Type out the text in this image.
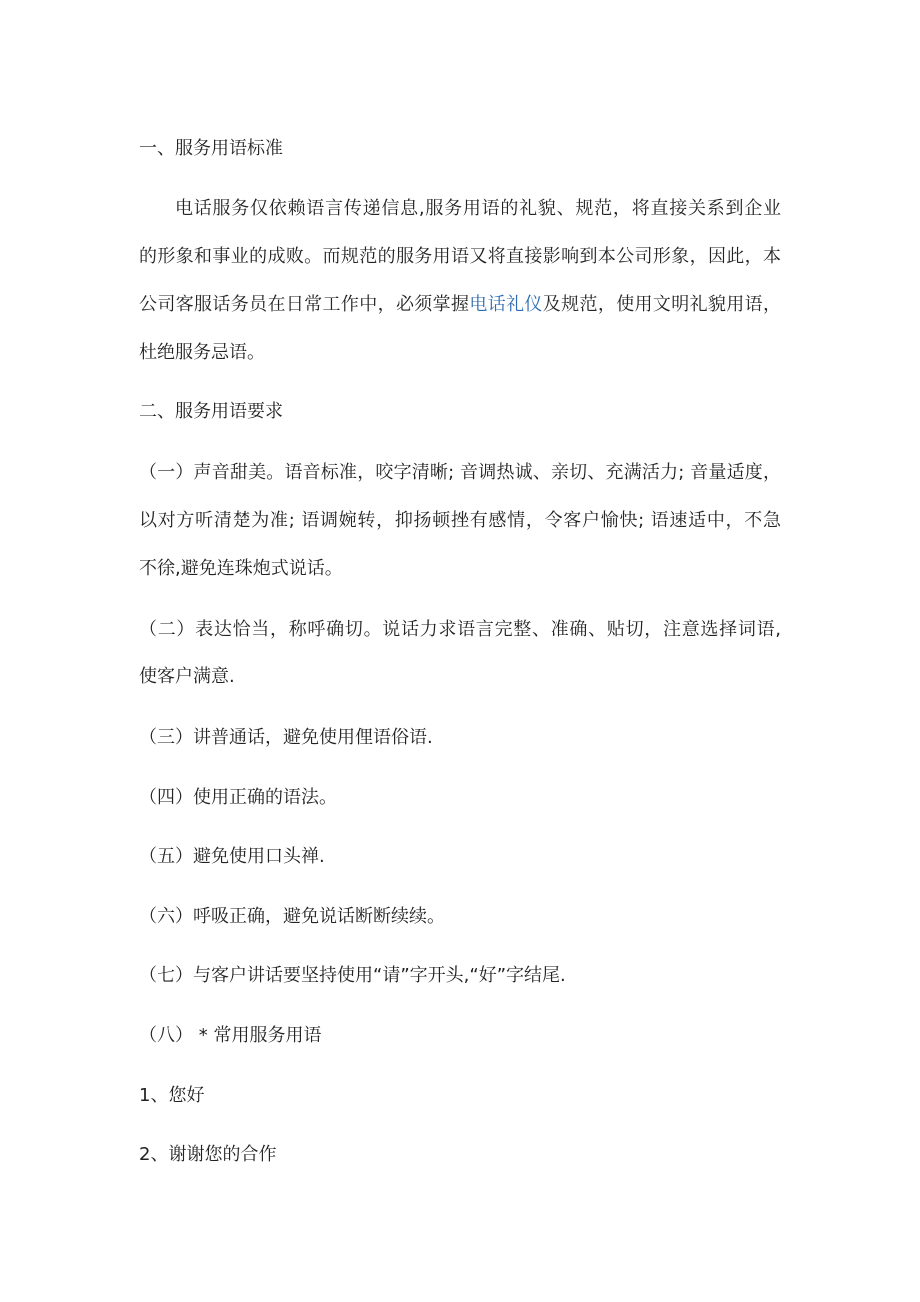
一、服务用语标准
电话服务仅依赖语言传递信息,服务用语的礼貌、规范，将直接关系到企业
的形象和事业的成败。而规范的服务用语又将直接影响到本公司形象，因此，本
公司客服话务员在日常工作中，必须掌握电话礼仪及规范，使用文明礼貌用语，
杜绝服务忌语。
二、服务用语要求
（一）声音甜美。语音标准，咬字清晰; 音调热诚、亲切、充满活力; 音量适度，
以对方听清楚为准; 语调婉转，抑扬顿挫有感情，令客户愉快; 语速适中，不急
不徐,避免连珠炮式说话。
（二）表达恰当，称呼确切。说话力求语言完整、准确、贴切，注意选择词语,
使客户满意.
（三）讲普通话，避免使用俚语俗语.
（四）使用正确的语法。
（五）避免使用口头禅.
（六）呼吸正确，避免说话断断续续。
（七）与客户讲话要坚持使用“请”字开头,“好”字结尾.
（八） * 常用服务用语
1、您好
2、谢谢您的合作
